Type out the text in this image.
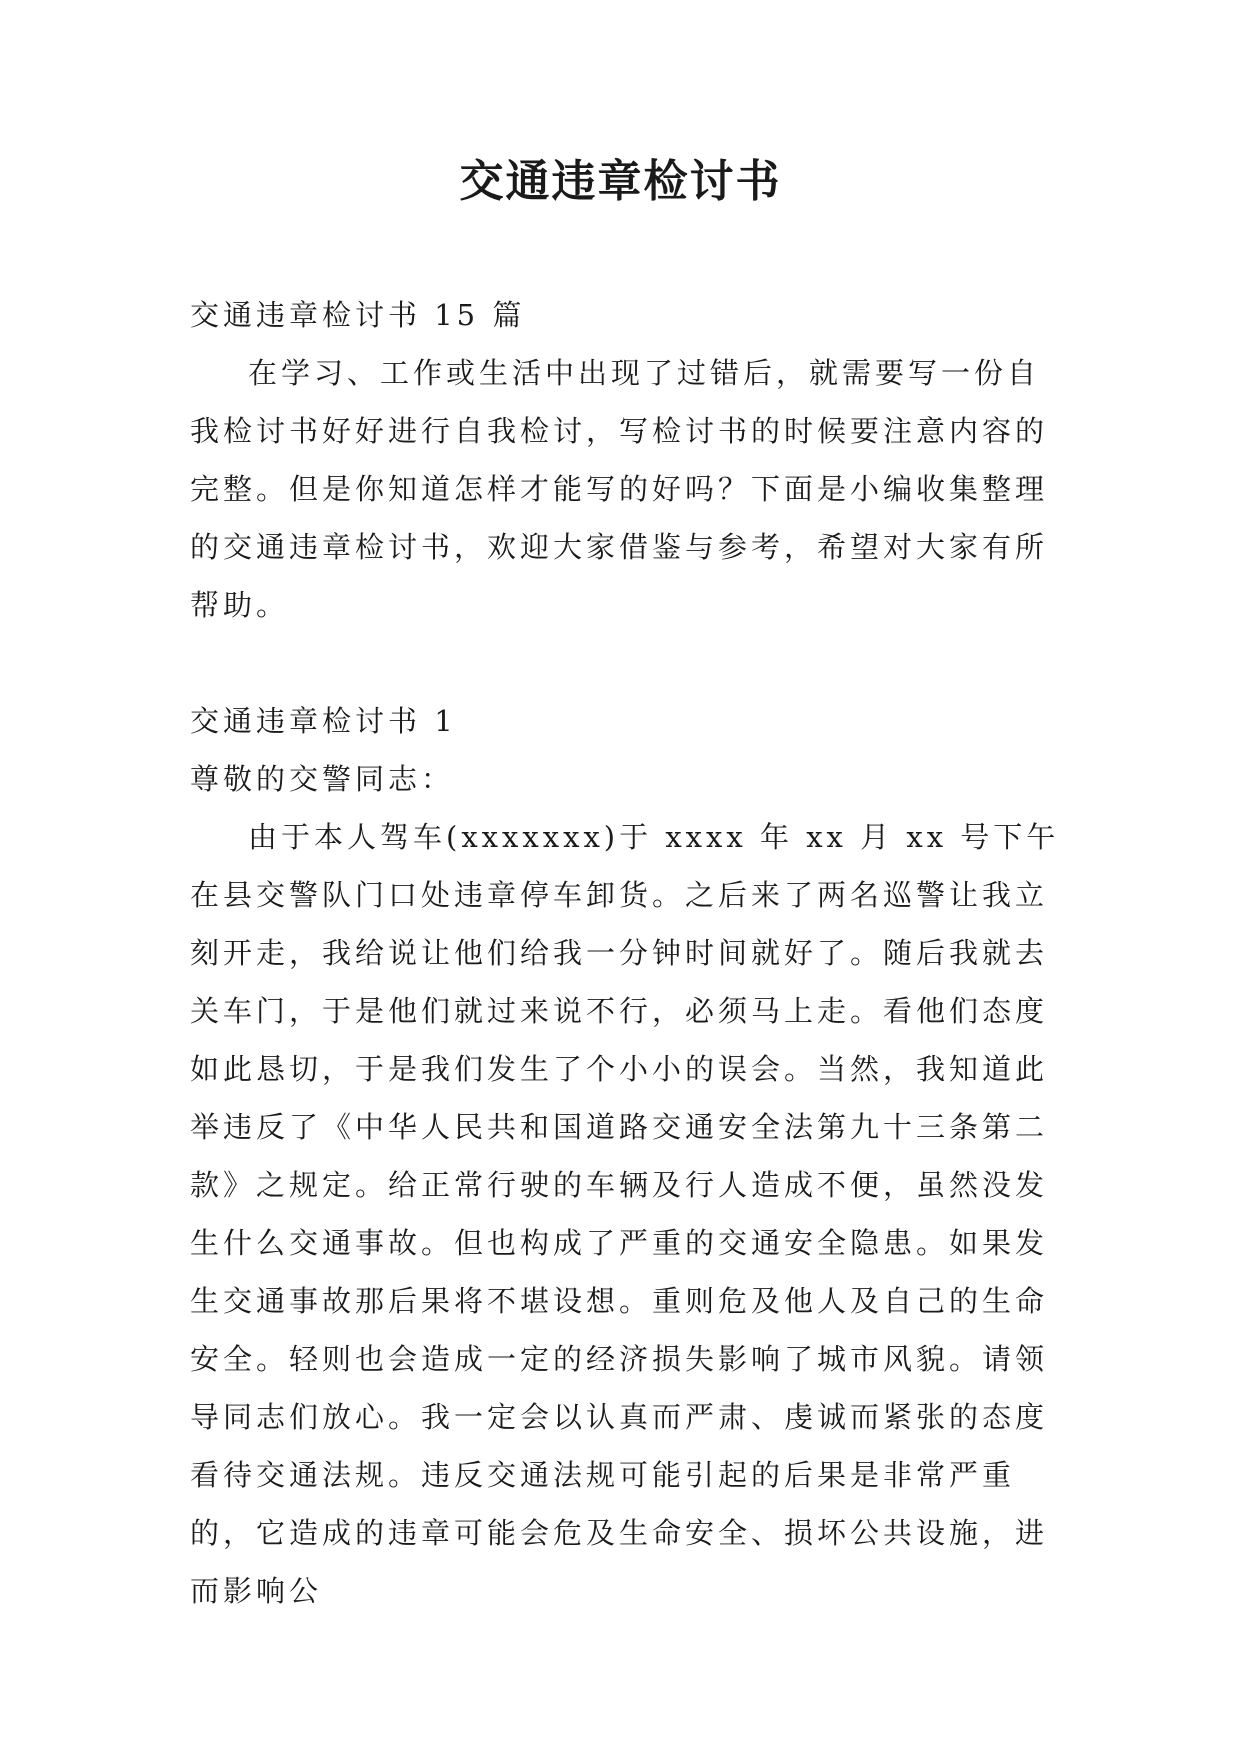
交通违章检讨书

交通违章检讨书 15 篇

在学习、工作或生活中出现了过错后，就需要写一份自我检讨书好好进行自我检讨，写检讨书的时候要注意内容的完整。但是你知道怎样才能写的好吗？下面是小编收集整理的交通违章检讨书，欢迎大家借鉴与参考，希望对大家有所帮助。

交通违章检讨书 1

尊敬的交警同志：

由于本人驾车(xxxxxxx)于 xxxx 年 xx 月 xx 号下午在县交警队门口处违章停车卸货。之后来了两名巡警让我立刻开走，我给说让他们给我一分钟时间就好了。随后我就去关车门，于是他们就过来说不行，必须马上走。看他们态度如此恳切，于是我们发生了个小小的误会。当然，我知道此举违反了《中华人民共和国道路交通安全法第九十三条第二款》之规定。给正常行驶的车辆及行人造成不便，虽然没发生什么交通事故。但也构成了严重的交通安全隐患。如果发生交通事故那后果将不堪设想。重则危及他人及自己的生命安全。轻则也会造成一定的经济损失影响了城市风貌。请领导同志们放心。我一定会以认真而严肃、虔诚而紧张的态度看待交通法规。违反交通法规可能引起的后果是非常严重的，它造成的违章可能会危及生命安全、损坏公共设施，进而影响公
